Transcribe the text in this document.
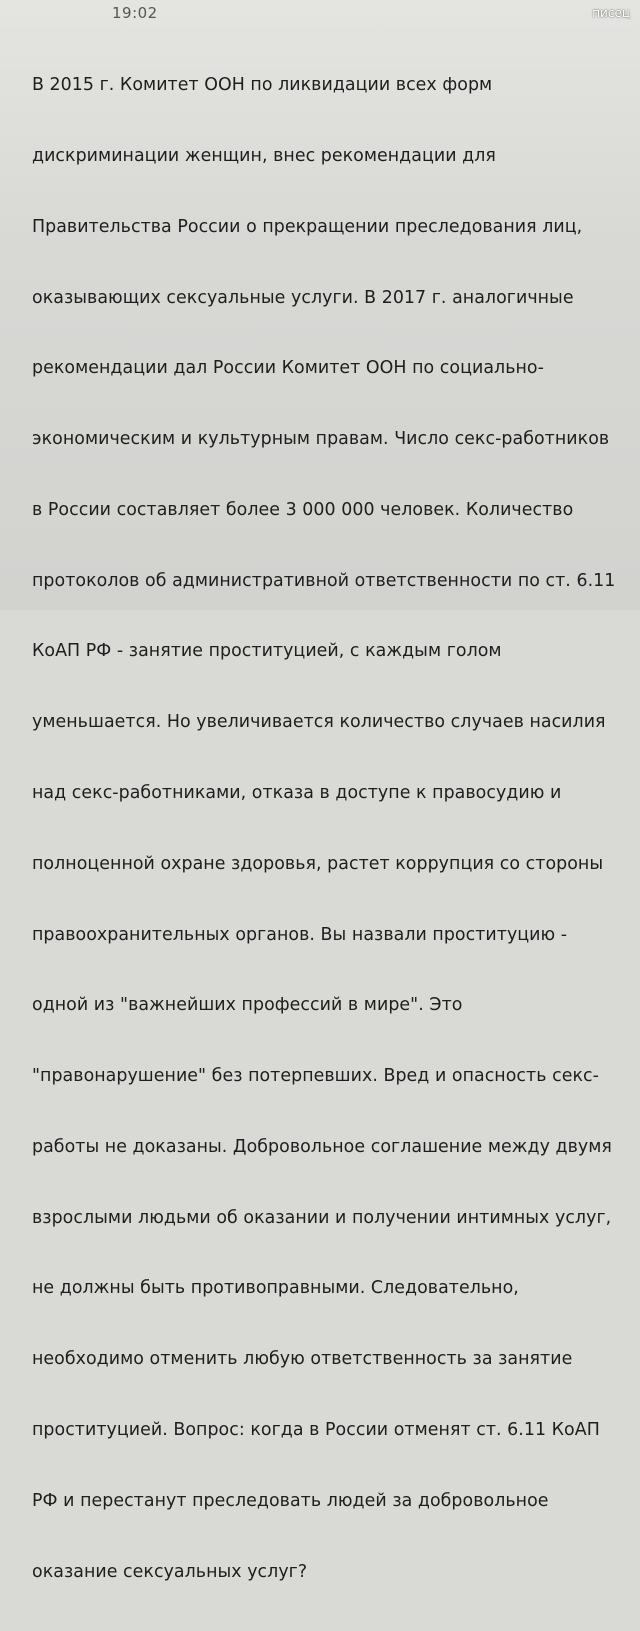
19:02	писец

В 2015 г. Комитет ООН по ликвидации всех форм

дискриминации женщин, внес рекомендации для

Правительства России о прекращении преследования лиц,

оказывающих сексуальные услуги. В 2017 г. аналогичные

рекомендации дал России Комитет ООН по социально-

экономическим и культурным правам. Число секс-работников

в России составляет более 3 000 000 человек. Количество

протоколов об административной ответственности по ст. 6.11

КоАП РФ - занятие проституцией, с каждым голом

уменьшается. Но увеличивается количество случаев насилия

над секс-работниками, отказа в доступе к правосудию и

полноценной охране здоровья, растет коррупция со стороны

правоохранительных органов. Вы назвали проституцию -

одной из "важнейших профессий в мире". Это

"правонарушение" без потерпевших. Вред и опасность секс-

работы не доказаны. Добровольное соглашение между двумя

взрослыми людьми об оказании и получении интимных услуг,

не должны быть противоправными. Следовательно,

необходимо отменить любую ответственность за занятие

проституцией. Вопрос: когда в России отменят ст. 6.11 КоАП

РФ и перестанут преследовать людей за добровольное

оказание сексуальных услуг?
